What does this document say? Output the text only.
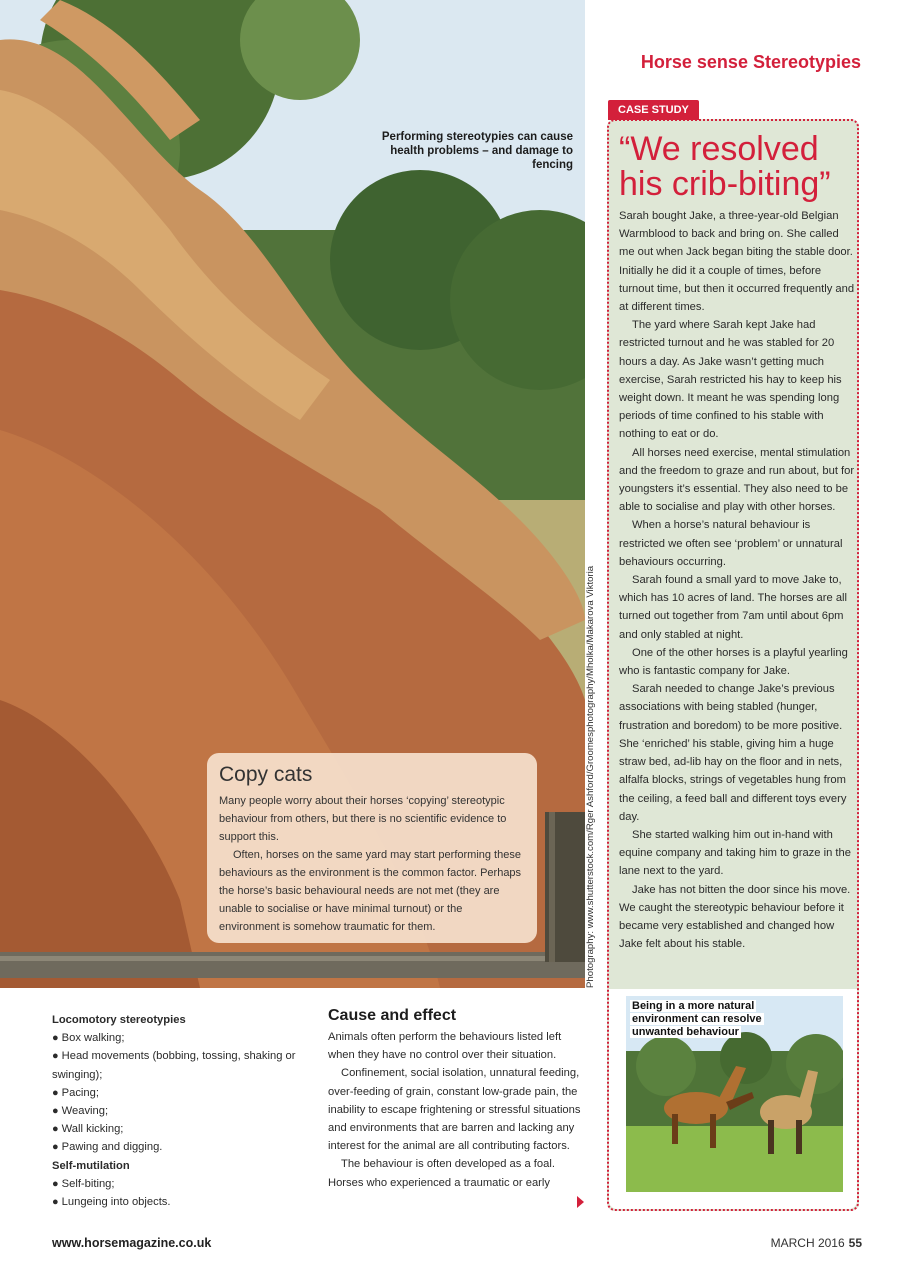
Performing stereotypies can cause health problems – and damage to fencing
Copy cats

Many people worry about their horses ‘copying’ stereotypic behaviour from others, but there is no scientific evidence to support this.

Often, horses on the same yard may start performing these behaviours as the environment is the common factor. Perhaps the horse’s basic behavioural needs are not met (they are unable to socialise or have minimal turnout) or the environment is somehow traumatic for them.	Photography: www.shutterstock.com/Rger Ashford/Groomesphotography/Mholka/Makarova Viktoria
Horse sense Stereotypies
CASE STUDY
“We resolved his crib-biting”

Sarah bought Jake, a three-year-old Belgian Warmblood to back and bring on. She called me out when Jack began biting the stable door. Initially he did it a couple of times, before turnout time, but then it occurred frequently and at different times.

The yard where Sarah kept Jake had restricted turnout and he was stabled for 20 hours a day. As Jake wasn’t getting much exercise, Sarah restricted his hay to keep his weight down. It meant he was spending long periods of time confined to his stable with nothing to eat or do.

All horses need exercise, mental stimulation and the freedom to graze and run about, but for youngsters it’s essential. They also need to be able to socialise and play with other horses.

When a horse’s natural behaviour is restricted we often see ‘problem’ or unnatural behaviours occurring.

Sarah found a small yard to move Jake to, which has 10 acres of land. The horses are all turned out together from 7am until about 6pm and only stabled at night.

One of the other horses is a playful yearling who is fantastic company for Jake.

Sarah needed to change Jake’s previous associations with being stabled (hunger, frustration and boredom) to be more positive. She ‘enriched’ his stable, giving him a huge straw bed, ad-lib hay on the floor and in nets, alfalfa blocks, strings of vegetables hung from the ceiling, a feed ball and different toys every day.

She started walking him out in-hand with equine company and taking him to graze in the lane next to the yard.

Jake has not bitten the door since his move. We caught the stereotypic behaviour before it became very established and changed how Jake felt about his stable.

Being in a more natural environment can resolve unwanted behaviour
Locomotory stereotypies
● Box walking;
● Head movements (bobbing, tossing, shaking or swinging);
● Pacing;
● Weaving;
● Wall kicking;
● Pawing and digging.
Self-mutilation
● Self-biting;
● Lungeing into objects.
Cause and effect

Animals often perform the behaviours listed left when they have no control over their situation.

Confinement, social isolation, unnatural feeding, over-feeding of grain, constant low-grade pain, the inability to escape frightening or stressful situations and environments that are barren and lacking any interest for the animal are all contributing factors.

The behaviour is often developed as a foal. Horses who experienced a traumatic or early

www.horsemagazine.co.uk	MARCH 2016 55
